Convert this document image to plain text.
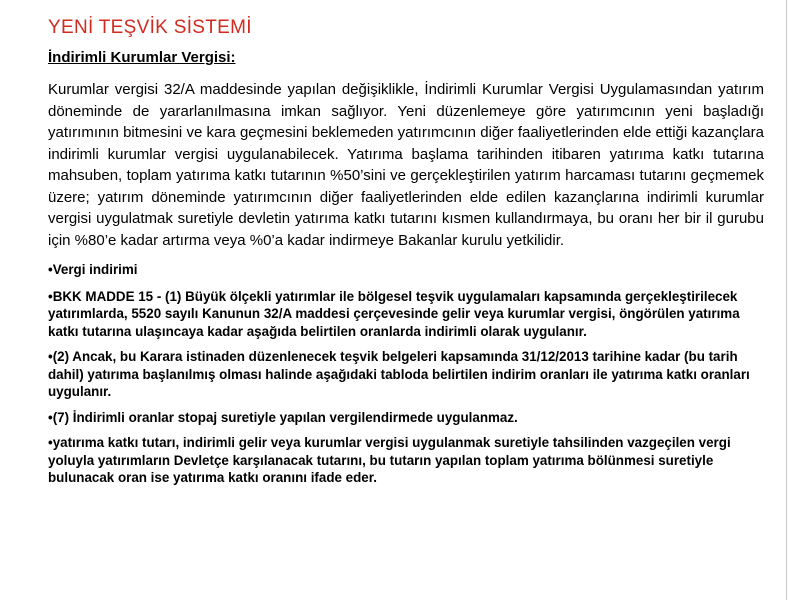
YENİ TEŞVİK SİSTEMİ
İndirimli Kurumlar Vergisi:
Kurumlar vergisi 32/A maddesinde yapılan değişiklikle, İndirimli Kurumlar Vergisi Uygulamasından yatırım döneminde de yararlanılmasına imkan sağlıyor. Yeni düzenlemeye göre yatırımcının yeni başladığı yatırımının bitmesini ve kara geçmesini beklemeden yatırımcının diğer faaliyetlerinden elde ettiği kazançlara indirimli kurumlar vergisi uygulanabilecek. Yatırıma başlama tarihinden itibaren yatırıma katkı tutarına mahsuben, toplam yatırıma katkı tutarının %50’sini ve gerçekleştirilen yatırım harcaması tutarını geçmemek üzere; yatırım döneminde yatırımcının diğer faaliyetlerinden elde edilen kazançlarına indirimli kurumlar vergisi uygulatmak suretiyle devletin yatırıma katkı tutarını kısmen kullandırmaya, bu oranı her bir il gurubu için %80’e kadar artırma veya %0’a kadar indirmeye Bakanlar kurulu yetkilidir.
•Vergi indirimi
•BKK MADDE 15 - (1) Büyük ölçekli yatırımlar ile bölgesel teşvik uygulamaları kapsamında gerçekleştirilecek yatırımlarda, 5520 sayılı Kanunun 32/A maddesi çerçevesinde gelir veya kurumlar vergisi, öngörülen yatırıma katkı tutarına ulaşıncaya kadar aşağıda belirtilen oranlarda indirimli olarak uygulanır.
•(2) Ancak, bu Karara istinaden düzenlenecek teşvik belgeleri kapsamında 31/12/2013 tarihine kadar (bu tarih dahil) yatırıma başlanılmış olması halinde aşağıdaki tabloda belirtilen indirim oranları ile yatırıma katkı oranları uygulanır.
•(7) İndirimli oranlar stopaj suretiyle yapılan vergilendirmede uygulanmaz.
•yatırıma katkı tutarı, indirimli gelir veya kurumlar vergisi uygulanmak suretiyle tahsilinden vazgeçilen vergi yoluyla yatırımların Devletçe karşılanacak tutarını, bu tutarın yapılan toplam yatırıma bölünmesi suretiyle bulunacak oran ise yatırıma katkı oranını ifade eder.
